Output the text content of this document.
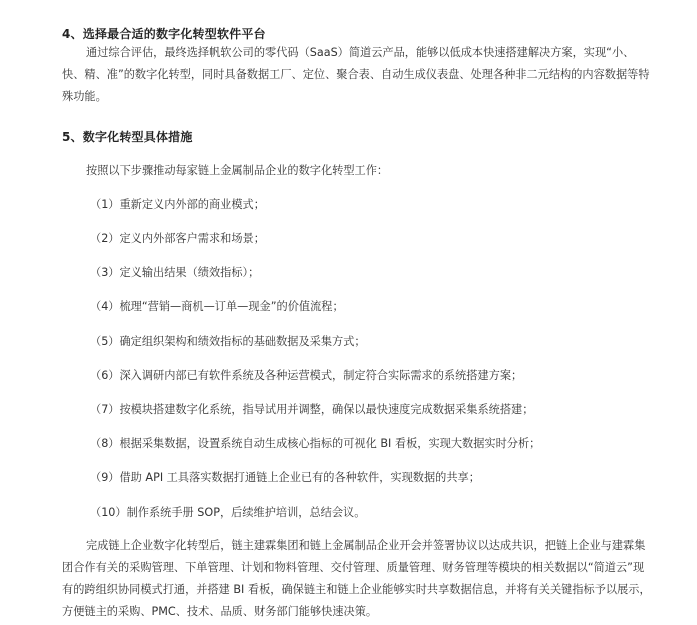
4、选择最合适的数字化转型软件平台
通过综合评估，最终选择帆软公司的零代码（SaaS）简道云产品，能够以低成本快速搭建解决方案，实现“小、快、精、准”的数字化转型，同时具备数据工厂、定位、聚合表、自动生成仪表盘、处理各种非二元结构的内容数据等特殊功能。
5、数字化转型具体措施
按照以下步骤推动每家链上金属制品企业的数字化转型工作：
（1）重新定义内外部的商业模式；
（2）定义内外部客户需求和场景；
（3）定义输出结果（绩效指标）；
（4）梳理“营销—商机—订单—现金”的价值流程；
（5）确定组织架构和绩效指标的基础数据及采集方式；
（6）深入调研内部已有软件系统及各种运营模式，制定符合实际需求的系统搭建方案；
（7）按模块搭建数字化系统，指导试用并调整，确保以最快速度完成数据采集系统搭建；
（8）根据采集数据，设置系统自动生成核心指标的可视化 BI 看板，实现大数据实时分析；
（9）借助 API 工具落实数据打通链上企业已有的各种软件，实现数据的共享；
（10）制作系统手册 SOP，后续维护培训，总结会议。
完成链上企业数字化转型后，链主建霖集团和链上金属制品企业开会并签署协议以达成共识，把链上企业与建霖集团合作有关的采购管理、下单管理、计划和物料管理、交付管理、质量管理、财务管理等模块的相关数据以“简道云”现有的跨组织协同模式打通，并搭建 BI 看板，确保链主和链上企业能够实时共享数据信息，并将有关关键指标予以展示，方便链主的采购、PMC、技术、品质、财务部门能够快速决策。
